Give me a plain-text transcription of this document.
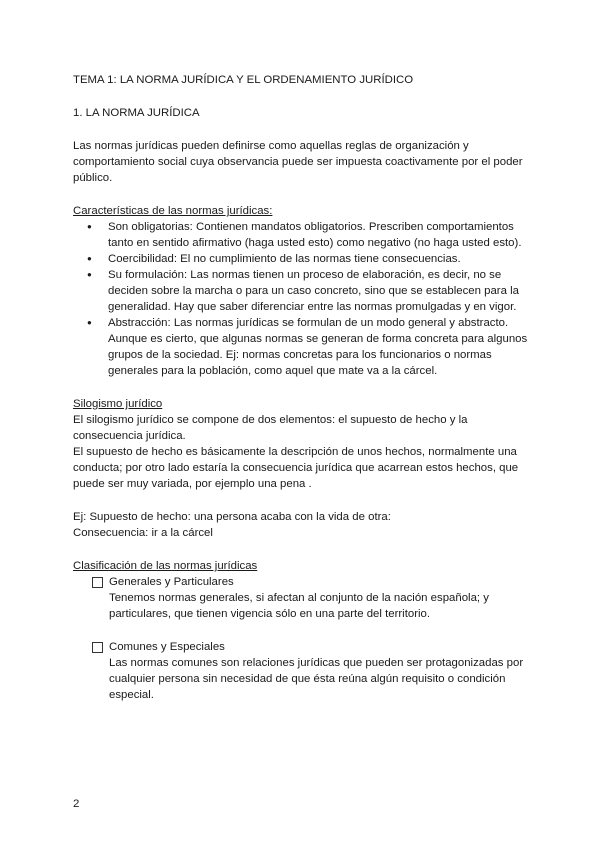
TEMA 1: LA NORMA JURÍDICA Y EL ORDENAMIENTO JURÍDICO

1. LA NORMA JURÍDICA

Las normas jurídicas pueden definirse como aquellas reglas de organización y comportamiento social cuya observancia puede ser impuesta coactivamente por el poder público.

Características de las normas jurídicas:

● Son obligatorias: Contienen mandatos obligatorios. Prescriben comportamientos tanto en sentido afirmativo (haga usted esto) como negativo (no haga usted esto).
● Coercibilidad: El no cumplimiento de las normas tiene consecuencias.
● Su formulación: Las normas tienen un proceso de elaboración, es decir, no se deciden sobre la marcha o para un caso concreto, sino que se establecen para la generalidad. Hay que saber diferenciar entre las normas promulgadas y en vigor.
● Abstracción: Las normas jurídicas se formulan de un modo general y abstracto. Aunque es cierto, que algunas normas se generan de forma concreta para algunos grupos de la sociedad. Ej: normas concretas para los funcionarios o normas generales para la población, como aquel que mate va a la cárcel.

Silogismo jurídico

El silogismo jurídico se compone de dos elementos: el supuesto de hecho y la consecuencia jurídica.

El supuesto de hecho es básicamente la descripción de unos hechos, normalmente una conducta; por otro lado estaría la consecuencia jurídica que acarrean estos hechos, que puede ser muy variada, por ejemplo una pena .

Ej: Supuesto de hecho: una persona acaba con la vida de otra:

Consecuencia: ir a la cárcel

Clasificación de las normas jurídicas

Generales y Particulares

Tenemos normas generales, si afectan al conjunto de la nación española; y particulares, que tienen vigencia sólo en una parte del territorio.

Comunes y Especiales

Las normas comunes son relaciones jurídicas que pueden ser protagonizadas por cualquier persona sin necesidad de que ésta reúna algún requisito o condición especial.

2
